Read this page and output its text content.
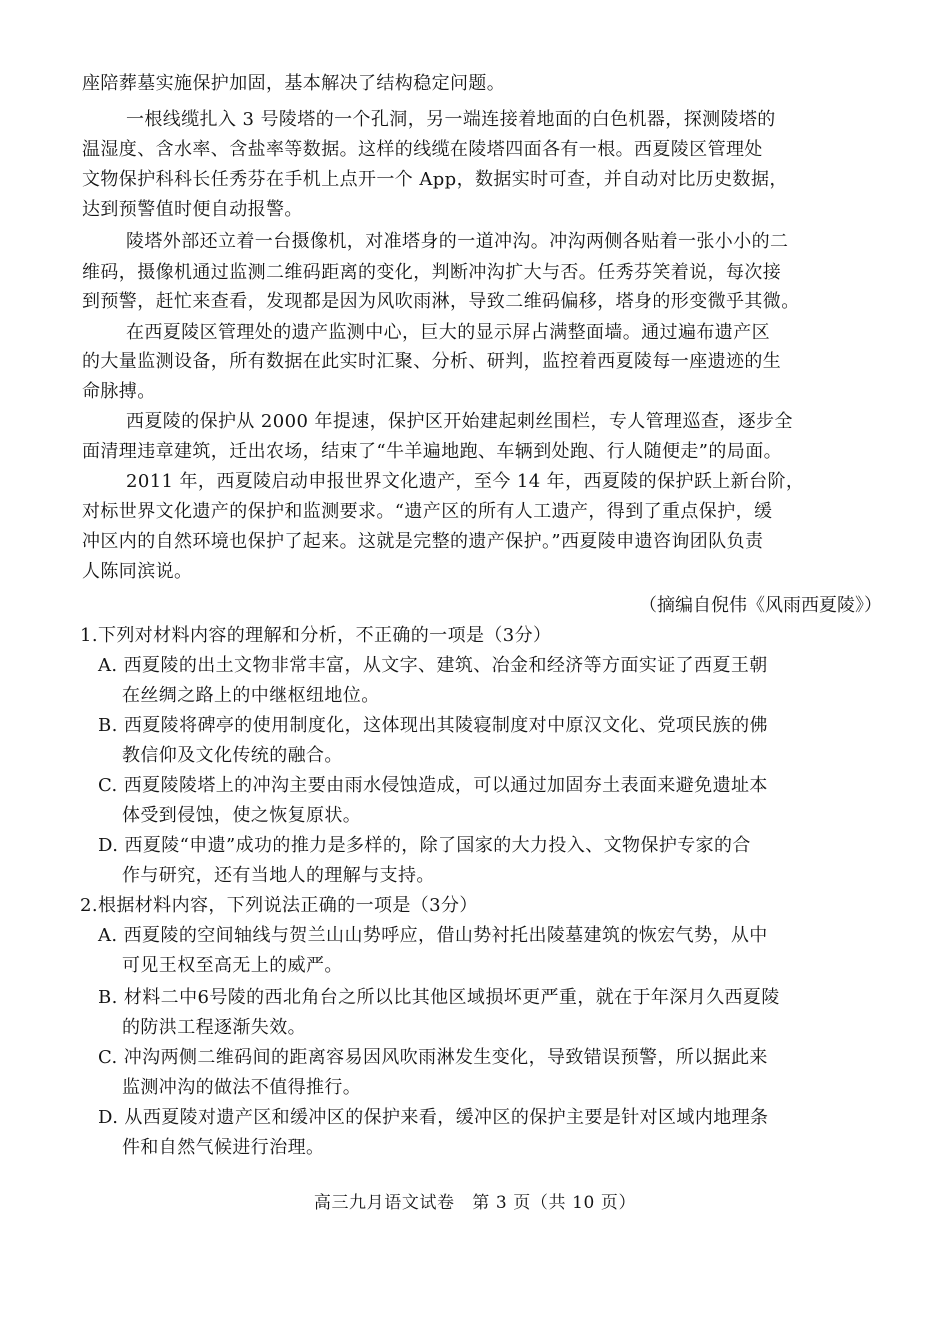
座陪葬墓实施保护加固，基本解决了结构稳定问题。
一根线缆扎入 3 号陵塔的一个孔洞，另一端连接着地面的白色机器，探测陵塔的
温湿度、含水率、含盐率等数据。这样的线缆在陵塔四面各有一根。西夏陵区管理处
文物保护科科长任秀芬在手机上点开一个 App，数据实时可查，并自动对比历史数据，
达到预警值时便自动报警。
陵塔外部还立着一台摄像机，对准塔身的一道冲沟。冲沟两侧各贴着一张小小的二
维码，摄像机通过监测二维码距离的变化，判断冲沟扩大与否。任秀芬笑着说，每次接
到预警，赶忙来查看，发现都是因为风吹雨淋，导致二维码偏移，塔身的形变微乎其微。
在西夏陵区管理处的遗产监测中心，巨大的显示屏占满整面墙。通过遍布遗产区
的大量监测设备，所有数据在此实时汇聚、分析、研判，监控着西夏陵每一座遗迹的生
命脉搏。
西夏陵的保护从 2000 年提速，保护区开始建起刺丝围栏，专人管理巡查，逐步全
面清理违章建筑，迁出农场，结束了“牛羊遍地跑、车辆到处跑、行人随便走”的局面。
2011 年，西夏陵启动申报世界文化遗产，至今 14 年，西夏陵的保护跃上新台阶，
对标世界文化遗产的保护和监测要求。“遗产区的所有人工遗产，得到了重点保护，缓
冲区内的自然环境也保护了起来。这就是完整的遗产保护。”西夏陵申遗咨询团队负责
人陈同滨说。
（摘编自倪伟《风雨西夏陵》）
1.下列对材料内容的理解和分析，不正确的一项是（3分）
A. 西夏陵的出土文物非常丰富，从文字、建筑、冶金和经济等方面实证了西夏王朝
在丝绸之路上的中继枢纽地位。
B. 西夏陵将碑亭的使用制度化，这体现出其陵寝制度对中原汉文化、党项民族的佛
教信仰及文化传统的融合。
C. 西夏陵陵塔上的冲沟主要由雨水侵蚀造成，可以通过加固夯土表面来避免遗址本
体受到侵蚀，使之恢复原状。
D. 西夏陵“申遗”成功的推力是多样的，除了国家的大力投入、文物保护专家的合
作与研究，还有当地人的理解与支持。
2.根据材料内容，下列说法正确的一项是（3分）
A. 西夏陵的空间轴线与贺兰山山势呼应，借山势衬托出陵墓建筑的恢宏气势，从中
可见王权至高无上的威严。
B. 材料二中6号陵的西北角台之所以比其他区域损坏更严重，就在于年深月久西夏陵
的防洪工程逐渐失效。
C. 冲沟两侧二维码间的距离容易因风吹雨淋发生变化，导致错误预警，所以据此来
监测冲沟的做法不值得推行。
D. 从西夏陵对遗产区和缓冲区的保护来看，缓冲区的保护主要是针对区域内地理条
件和自然气候进行治理。
高三九月语文试卷　第 3 页（共 10 页）
